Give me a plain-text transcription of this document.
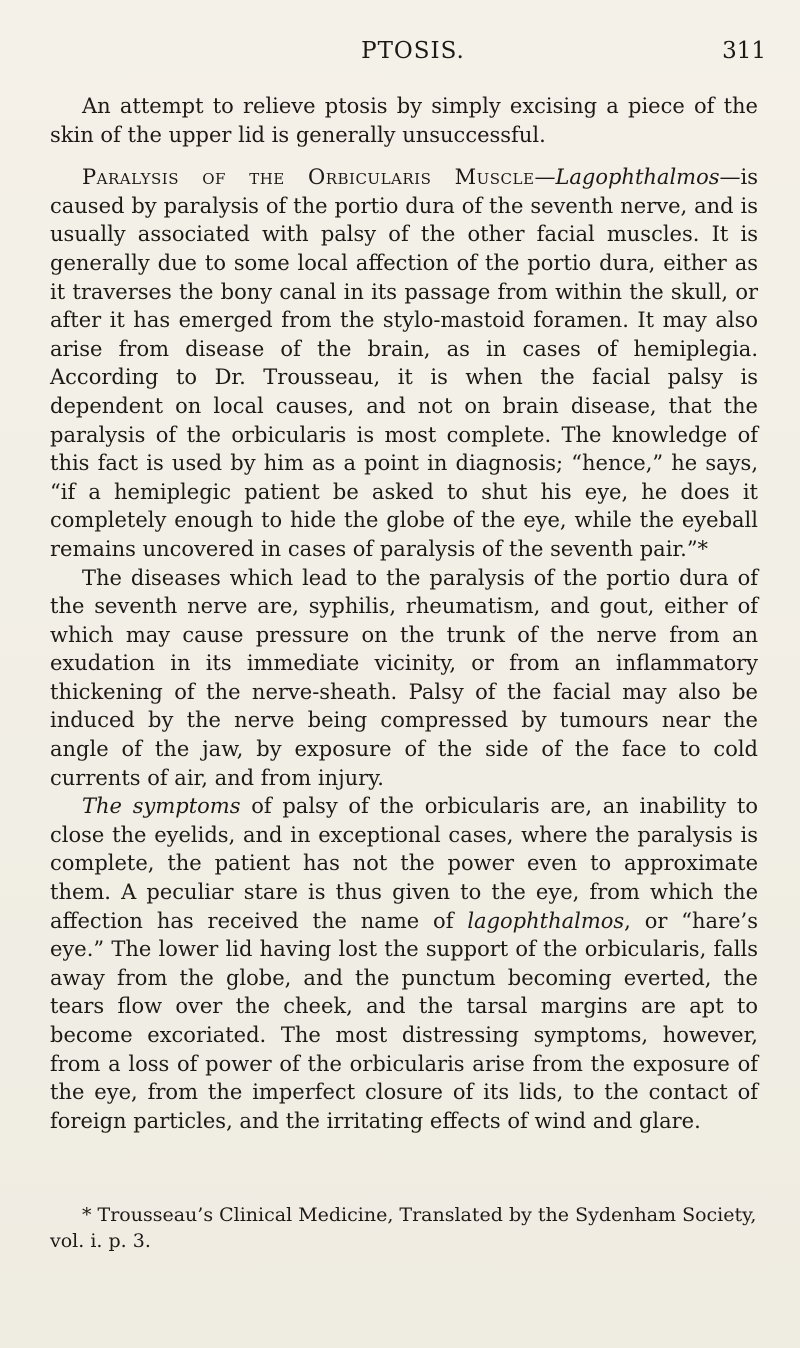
PTOSIS.	311

An attempt to relieve ptosis by simply excising a piece of the skin of the upper lid is generally unsuccessful.

Paralysis of the Orbicularis Muscle—Lagophthalmos—is caused by paralysis of the portio dura of the seventh nerve, and is usually associated with palsy of the other facial muscles. It is generally due to some local affection of the portio dura, either as it traverses the bony canal in its passage from within the skull, or after it has emerged from the stylo-mastoid foramen. It may also arise from disease of the brain, as in cases of hemiplegia. According to Dr. Trousseau, it is when the facial palsy is dependent on local causes, and not on brain disease, that the paralysis of the orbicularis is most complete. The knowledge of this fact is used by him as a point in diagnosis; “hence,” he says, “if a hemiplegic patient be asked to shut his eye, he does it completely enough to hide the globe of the eye, while the eyeball remains uncovered in cases of paralysis of the seventh pair.”*

The diseases which lead to the paralysis of the portio dura of the seventh nerve are, syphilis, rheumatism, and gout, either of which may cause pressure on the trunk of the nerve from an exudation in its immediate vicinity, or from an inflammatory thickening of the nerve-sheath. Palsy of the facial may also be induced by the nerve being compressed by tumours near the angle of the jaw, by exposure of the side of the face to cold currents of air, and from injury.

The symptoms of palsy of the orbicularis are, an inability to close the eyelids, and in exceptional cases, where the paralysis is complete, the patient has not the power even to approximate them. A peculiar stare is thus given to the eye, from which the affection has received the name of lagophthalmos, or “hare’s eye.” The lower lid having lost the support of the orbicularis, falls away from the globe, and the punctum becoming everted, the tears flow over the cheek, and the tarsal margins are apt to become excoriated. The most distressing symptoms, however, from a loss of power of the orbicularis arise from the exposure of the eye, from the imperfect closure of its lids, to the contact of foreign particles, and the irritating effects of wind and glare.

* Trousseau’s Clinical Medicine, Translated by the Sydenham Society, vol. i. p. 3.
